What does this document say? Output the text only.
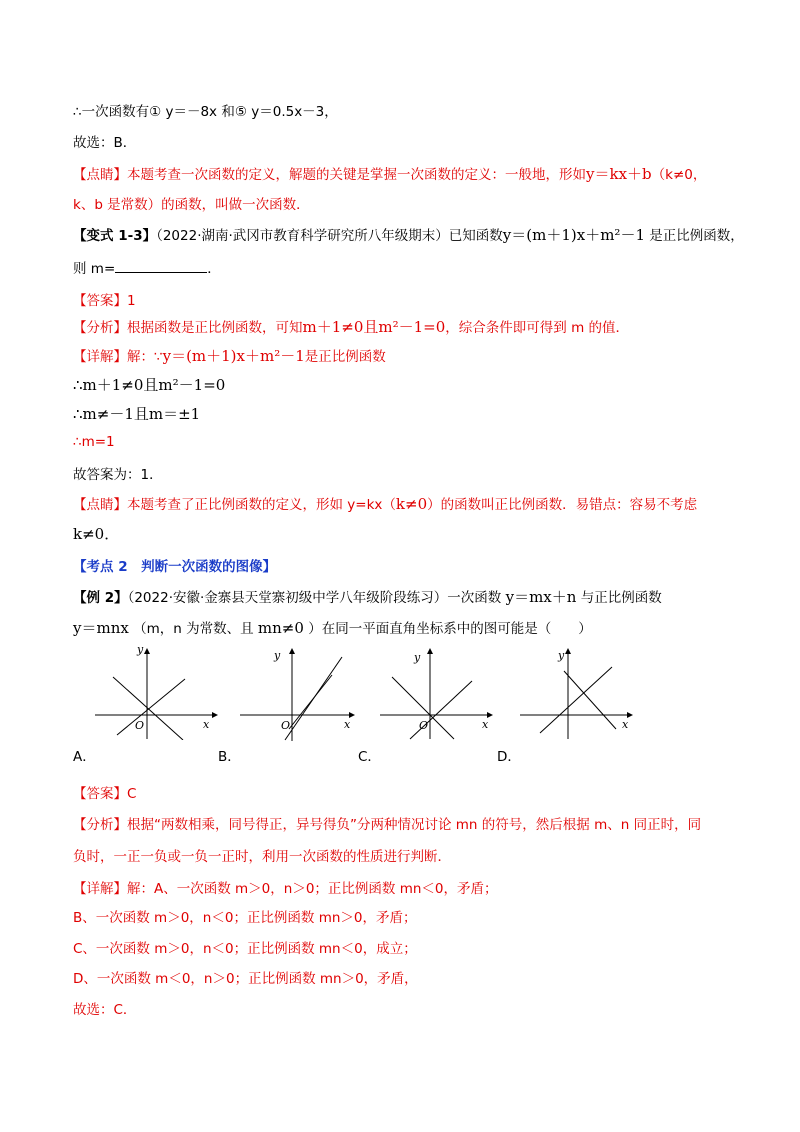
∴一次函数有① y＝－8x 和⑤ y＝0.5x－3，
故选：B．
【点睛】本题考查一次函数的定义，解题的关键是掌握一次函数的定义：一般地，形如y＝kx＋b（k≠0，
k、b 是常数）的函数，叫做一次函数．
【变式 1-3】（2022·湖南·武冈市教育科学研究所八年级期末）已知函数y＝(m＋1)x＋m²－1 是正比例函数，
则 m=	．
【答案】1
【分析】根据函数是正比例函数，可知m＋1≠0且m²－1=0，综合条件即可得到 m 的值．
【详解】解：∵y＝(m＋1)x＋m²－1是正比例函数
∴m＋1≠0且m²－1=0
∴m≠－1且m＝±1
∴m=1
故答案为：1．
【点睛】本题考查了正比例函数的定义，形如 y=kx（k≠0）的函数叫正比例函数．易错点：容易不考虑
k≠0．
【考点 2　判断一次函数的图像】
【例 2】（2022·安徽·金寨县天堂寨初级中学八年级阶段练习）一次函数 y＝mx＋n 与正比例函数
y＝mnx （m，n 为常数、且 mn≠0 ）在同一平面直角坐标系中的图可能是（　　）
y
x
O
y
x
O
y
x
O
y
x
A．	B．	C．	D．
【答案】C
【分析】根据“两数相乘，同号得正，异号得负”分两种情况讨论 mn 的符号，然后根据 m、n 同正时，同
负时，一正一负或一负一正时，利用一次函数的性质进行判断．
【详解】解：A、一次函数 m＞0，n＞0；正比例函数 mn＜0，矛盾；
B、一次函数 m＞0，n＜0；正比例函数 mn＞0，矛盾；
C、一次函数 m＞0，n＜0；正比例函数 mn＜0，成立；
D、一次函数 m＜0，n＞0；正比例函数 mn＞0，矛盾，
故选：C．
